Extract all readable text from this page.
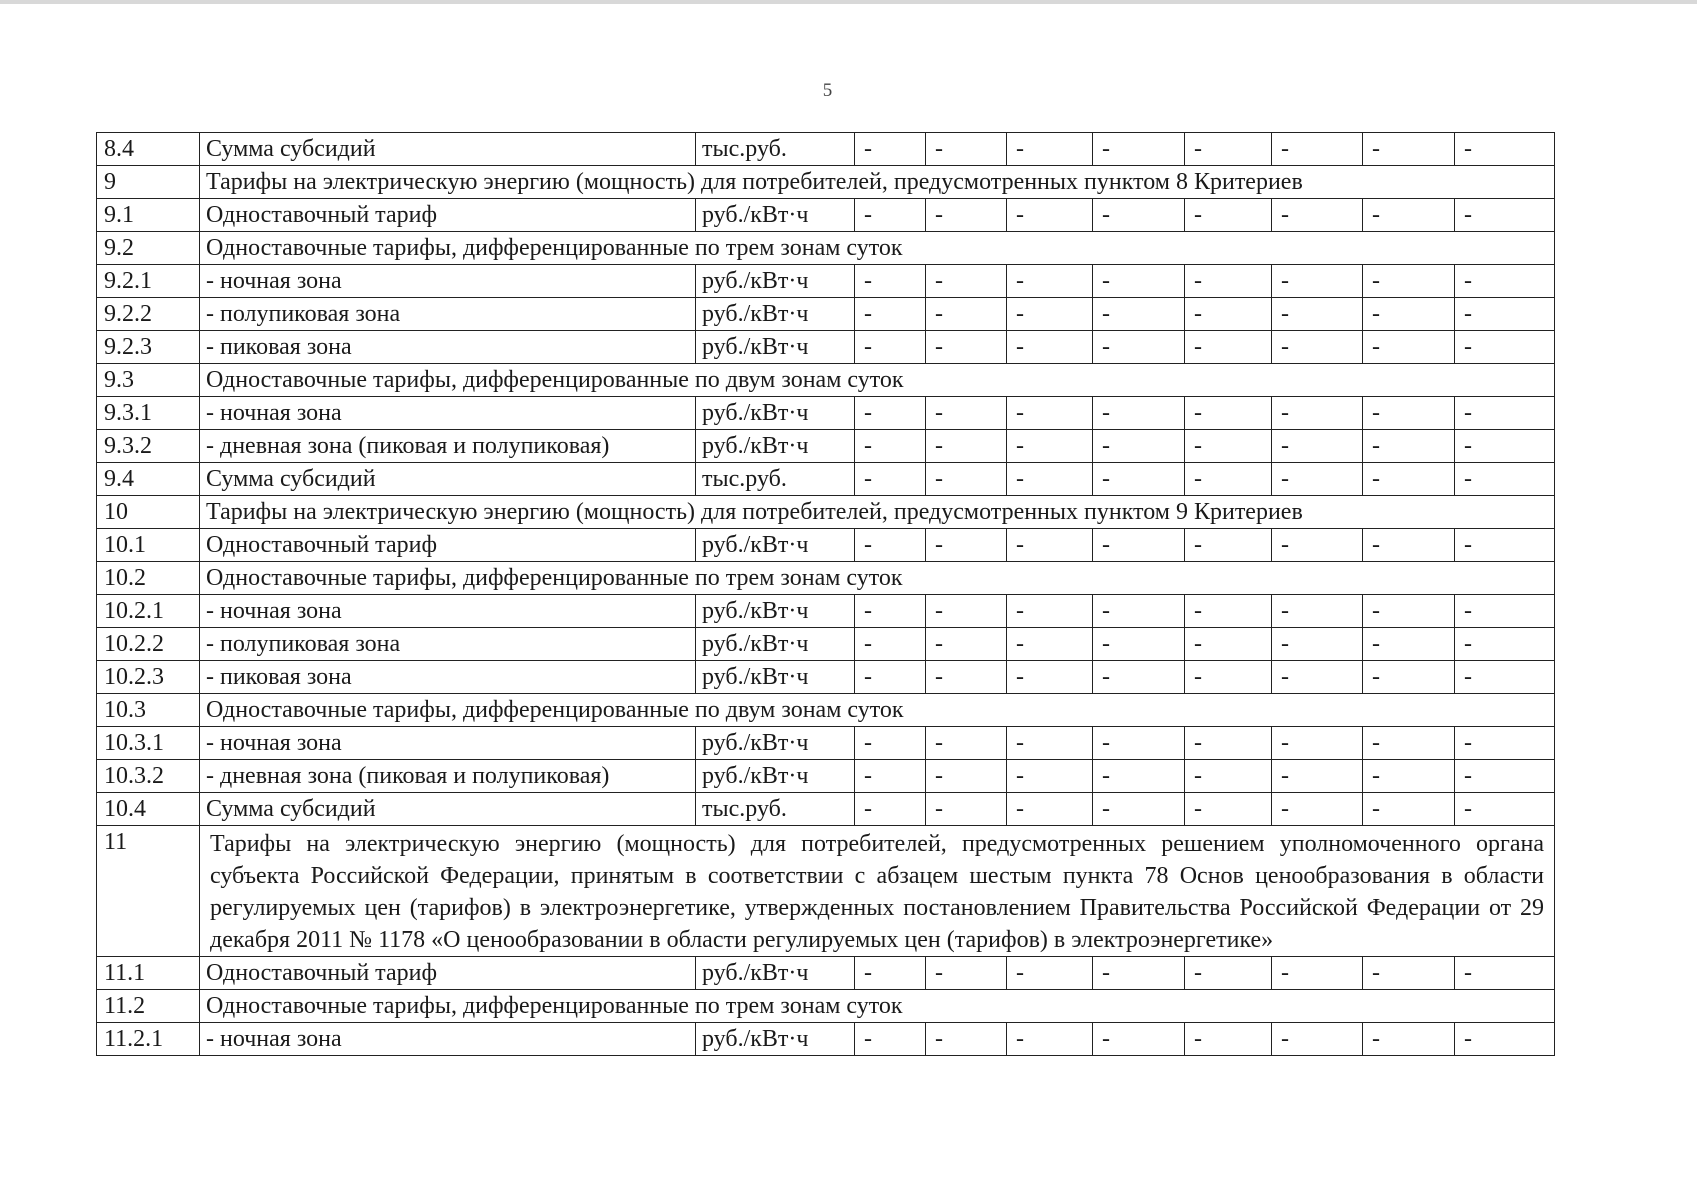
5
8.4	Сумма субсидий	тыс.руб.	-	-	-	-	-	-	-	-
9	Тарифы на электрическую энергию (мощность) для потребителей, предусмотренных пунктом 8 Критериев									
9.1	Одноставочный тариф	руб./кВт·ч	-	-	-	-	-	-	-	-
9.2	Одноставочные тарифы, дифференцированные по трем зонам суток									
9.2.1	- ночная зона	руб./кВт·ч	-	-	-	-	-	-	-	-
9.2.2	- полупиковая зона	руб./кВт·ч	-	-	-	-	-	-	-	-
9.2.3	- пиковая зона	руб./кВт·ч	-	-	-	-	-	-	-	-
9.3	Одноставочные тарифы, дифференцированные по двум зонам суток									
9.3.1	- ночная зона	руб./кВт·ч	-	-	-	-	-	-	-	-
9.3.2	- дневная зона (пиковая и полупиковая)	руб./кВт·ч	-	-	-	-	-	-	-	-
9.4	Сумма субсидий	тыс.руб.	-	-	-	-	-	-	-	-
10	Тарифы на электрическую энергию (мощность) для потребителей, предусмотренных пунктом 9 Критериев									
10.1	Одноставочный тариф	руб./кВт·ч	-	-	-	-	-	-	-	-
10.2	Одноставочные тарифы, дифференцированные по трем зонам суток									
10.2.1	- ночная зона	руб./кВт·ч	-	-	-	-	-	-	-	-
10.2.2	- полупиковая зона	руб./кВт·ч	-	-	-	-	-	-	-	-
10.2.3	- пиковая зона	руб./кВт·ч	-	-	-	-	-	-	-	-
10.3	Одноставочные тарифы, дифференцированные по двум зонам суток									
10.3.1	- ночная зона	руб./кВт·ч	-	-	-	-	-	-	-	-
10.3.2	- дневная зона (пиковая и полупиковая)	руб./кВт·ч	-	-	-	-	-	-	-	-
10.4	Сумма субсидий	тыс.руб.	-	-	-	-	-	-	-	-
11	Тарифы на электрическую энергию (мощность) для потребителей, предусмотренных решением уполномоченного органа субъекта Российской Федерации, принятым в соответствии с абзацем шестым пункта 78 Основ ценообразования в области регулируемых цен (тарифов) в электроэнергетике, утвержденных постановлением Правительства Российской Федерации от 29 декабря 2011 № 1178 «О ценообразовании в области регулируемых цен (тарифов) в электроэнергетике»									
11.1	Одноставочный тариф	руб./кВт·ч	-	-	-	-	-	-	-	-
11.2	Одноставочные тарифы, дифференцированные по трем зонам суток									
11.2.1	- ночная зона	руб./кВт·ч	-	-	-	-	-	-	-	-
